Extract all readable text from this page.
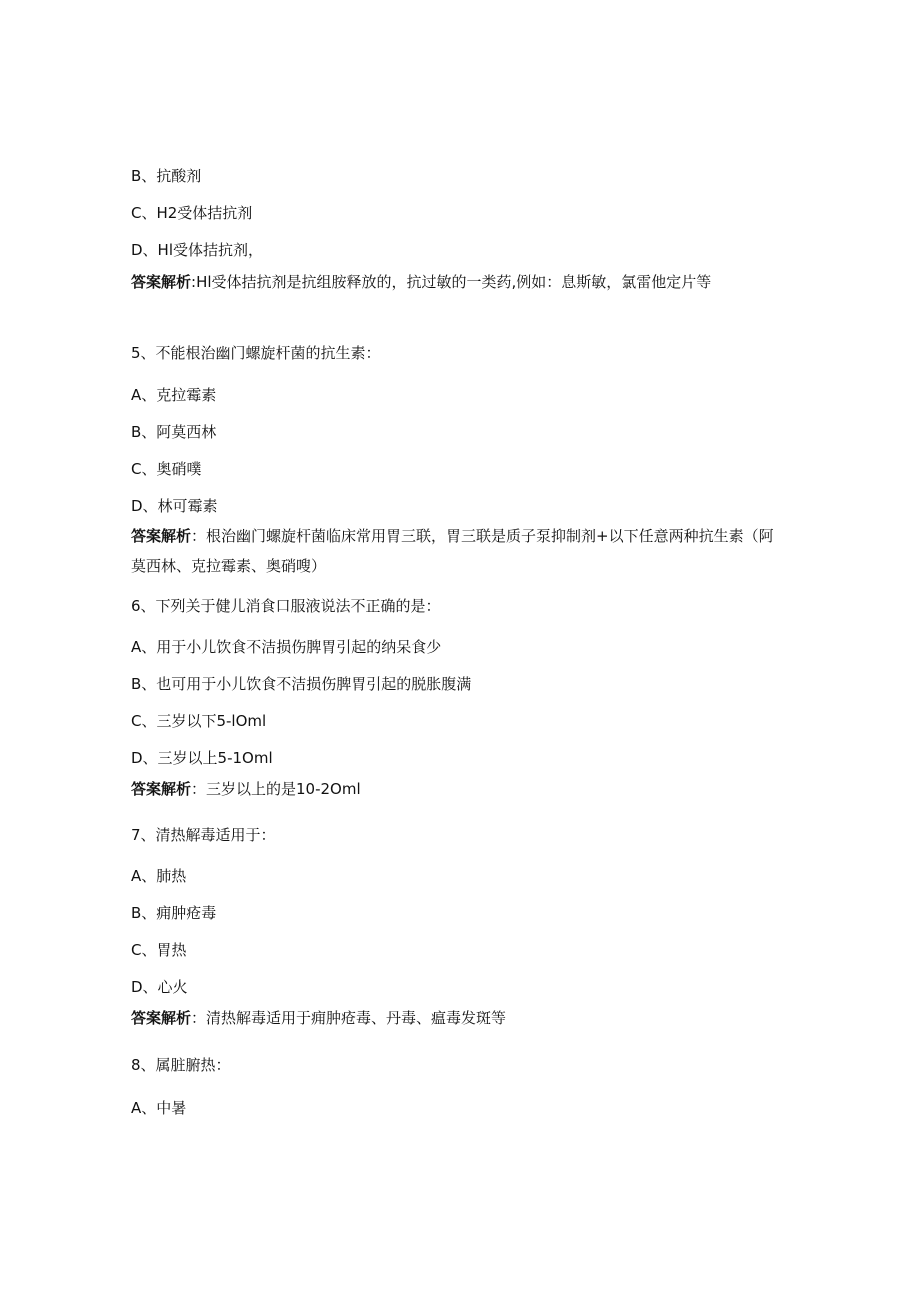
B、抗酸剂
C、H2受体拮抗剂
D、Hl受体拮抗剂，
答案解析:Hl受体拮抗剂是抗组胺释放的，抗过敏的一类药,例如：息斯敏，氯雷他定片等
5、不能根治幽门螺旋杆菌的抗生素：
A、克拉霉素
B、阿莫西林
C、奥硝噗
D、林可霉素
答案解析：根治幽门螺旋杆菌临床常用胃三联，胃三联是质子泵抑制剂+以下任意两种抗生素（阿莫西林、克拉霉素、奥硝嗖）
6、下列关于健儿消食口服液说法不正确的是：
A、用于小儿饮食不洁损伤脾胃引起的纳呆食少
B、也可用于小儿饮食不洁损伤脾胃引起的脱胀腹满
C、三岁以下5-lOml
D、三岁以上5-1Oml
答案解析：三岁以上的是10-2Oml
7、清热解毒适用于：
A、肺热
B、痈肿疮毒
C、胃热
D、心火
答案解析：清热解毒适用于痈肿疮毒、丹毒、瘟毒发斑等
8、属脏腑热：
A、中暑
